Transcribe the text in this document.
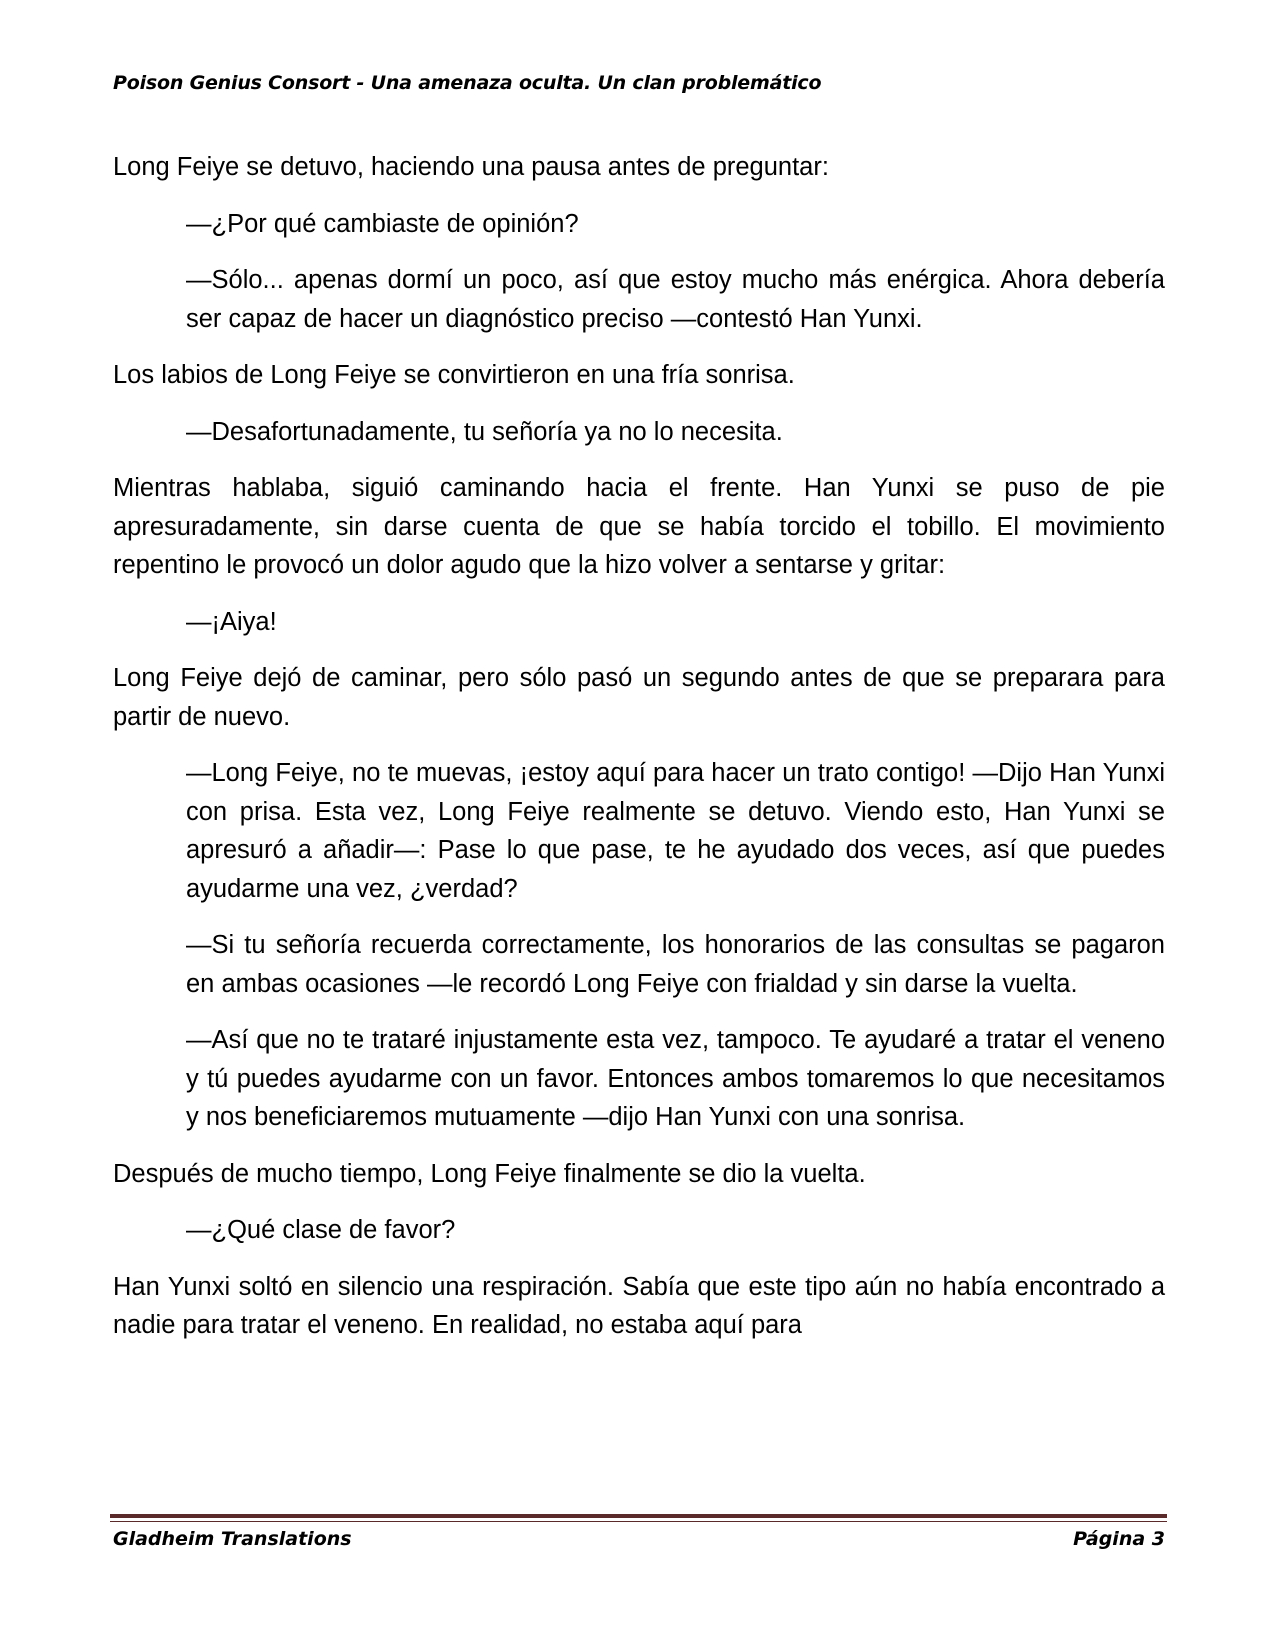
Poison Genius Consort - Una amenaza oculta. Un clan problemático

Long Feiye se detuvo, haciendo una pausa antes de preguntar:

—¿Por qué cambiaste de opinión?

—Sólo... apenas dormí un poco, así que estoy mucho más enérgica. Ahora debería ser capaz de hacer un diagnóstico preciso —contestó Han Yunxi.

Los labios de Long Feiye se convirtieron en una fría sonrisa.

—Desafortunadamente, tu señoría ya no lo necesita.

Mientras hablaba, siguió caminando hacia el frente. Han Yunxi se puso de pie apresuradamente, sin darse cuenta de que se había torcido el tobillo. El movimiento repentino le provocó un dolor agudo que la hizo volver a sentarse y gritar:

—¡Aiya!

Long Feiye dejó de caminar, pero sólo pasó un segundo antes de que se preparara para partir de nuevo.

—Long Feiye, no te muevas, ¡estoy aquí para hacer un trato contigo! —Dijo Han Yunxi con prisa. Esta vez, Long Feiye realmente se detuvo. Viendo esto, Han Yunxi se apresuró a añadir—: Pase lo que pase, te he ayudado dos veces, así que puedes ayudarme una vez, ¿verdad?

—Si tu señoría recuerda correctamente, los honorarios de las consultas se pagaron en ambas ocasiones —le recordó Long Feiye con frialdad y sin darse la vuelta.

—Así que no te trataré injustamente esta vez, tampoco. Te ayudaré a tratar el veneno y tú puedes ayudarme con un favor. Entonces ambos tomaremos lo que necesitamos y nos beneficiaremos mutuamente —dijo Han Yunxi con una sonrisa.

Después de mucho tiempo, Long Feiye finalmente se dio la vuelta.

—¿Qué clase de favor?

Han Yunxi soltó en silencio una respiración. Sabía que este tipo aún no había encontrado a nadie para tratar el veneno. En realidad, no estaba aquí para

Gladheim Translations	Página 3
